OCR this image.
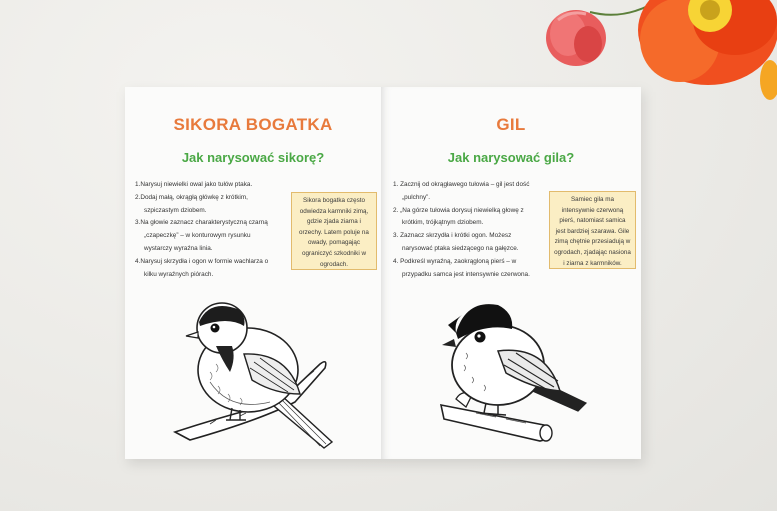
SIKORA BOGATKA
Jak narysować sikorę?
1.Narysuj niewielki owal jako tułów ptaka.
2.Dodaj małą, okrągłą główkę z krótkim,
szpiczastym dziobem.
3.Na głowie zaznacz charakterystyczną czarną
„czapeczkę” – w konturowym rysunku
wystarczy wyraźna linia.
4.Narysuj skrzydła i ogon w formie wachlarza o
kilku wyraźnych piórach.
Sikora bogatka często
odwiedza karmniki zimą,
gdzie zjada ziarna i
orzechy. Latem poluje na
owady, pomagając
ograniczyć szkodniki w
ogrodach.
GIL
Jak narysować gila?
1. Zacznij od okrągławego tułowia – gil jest dość
„pulchny”.
2. „Na górze tułowia dorysuj niewielką głowę z
krótkim, trójkątnym dziobem.
3. Zaznacz skrzydła i krótki ogon. Możesz
narysować ptaka siedzącego na gałęzce.
4. Podkreśl wyraźną, zaokrągloną pierś – w
przypadku samca jest intensywnie czerwona.
Samiec gila ma
intensywnie czerwoną
pierś, natomiast samica
jest bardziej szarawa. Gile
zimą chętnie przesiadują w
ogrodach, zjadając nasiona
i ziarna z karmników.
